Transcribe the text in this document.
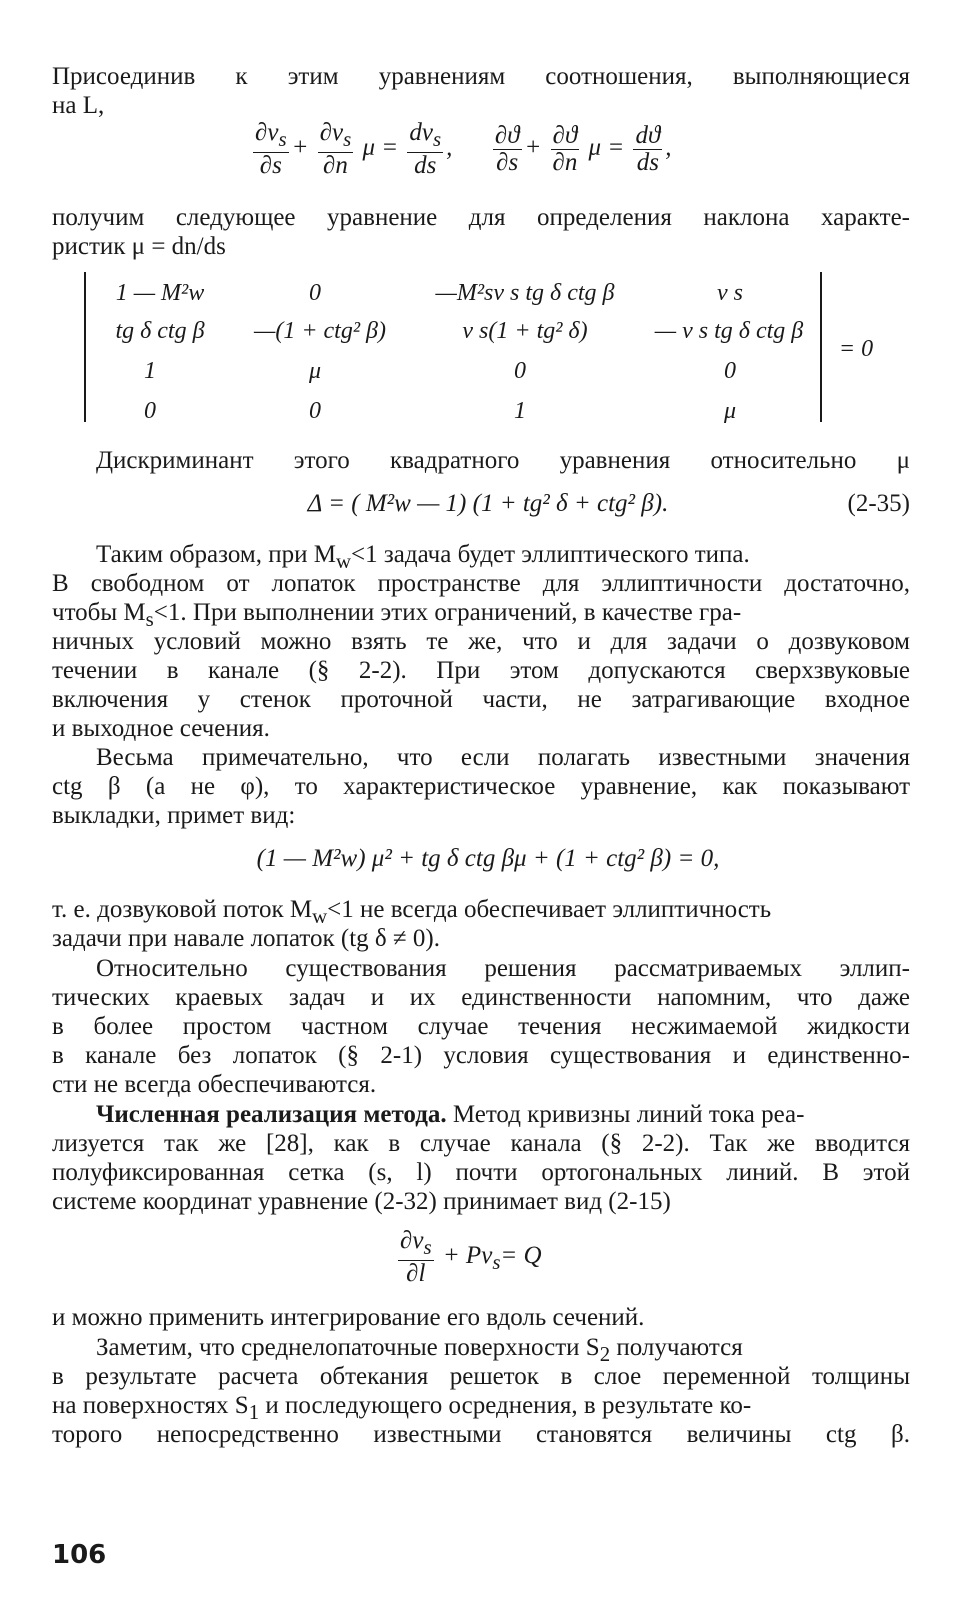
Присоединив к этим уравнениям соотношения, выполняющиеся
на L,
$\frac{\partial v_s}{\partial s} + \frac{\partial v_s}{\partial n}$ $\mu = \frac{dv_s}{ds}$ , $\frac{\partial ϑ}{\partial s} + \frac{\partial ϑ}{\partial n}$ $\mu = \frac{dϑ}{ds}$ ,
получим следующее уравнение для определения наклона характе-
ристик μ = dn/ds
1 — M²w	0	—M²sv s tg δ ctg β	v s
tg δ ctg β	—(1 + ctg² β)	v s(1 + tg² δ)	— v s tg δ ctg β
1	μ	0	0
0	0	1	μ
= 0
Дискриминант этого квадратного уравнения относительно μ
Δ = ( M²w — 1) (1 + tg² δ + ctg² β).	(2-35)
Таким образом, при $M_w<1$ задача будет эллиптического типа.
В свободном от лопаток пространстве для эллиптичности достаточно,
чтобы $M_s<1$. При выполнении этих ограничений, в качестве гра-
ничных условий можно взять те же, что и для задачи о дозвуковом
течении в канале (§ 2-2). При этом допускаются сверхзвуковые
включения у стенок проточной части, не затрагивающие входное
и выходное сечения.
Весьма примечательно, что если полагать известными значения
ctg β (а не φ), то характеристическое уравнение, как показывают
выкладки, примет вид:
(1 — M²w) μ² + tg δ ctg βμ + (1 + ctg² β) = 0,
т. е. дозвуковой поток $M_w<1$ не всегда обеспечивает эллиптичность
задачи при навале лопаток (tg δ ≠ 0).
Относительно существования решения рассматриваемых эллип-
тических краевых задач и их единственности напомним, что даже
в более простом частном случае течения несжимаемой жидкости
в канале без лопаток (§ 2-1) условия существования и единственно-
сти не всегда обеспечиваются.
Численная реализация метода. Метод кривизны линий тока реа-
лизуется так же [28], как в случае канала (§ 2-2). Так же вводится
полуфиксированная сетка (s, l) почти ортогональных линий. В этой
системе координат уравнение (2-32) принимает вид (2-15)
$\frac{\partial v_s}{\partial l} + Pv_s= Q$
и можно применить интегрирование его вдоль сечений.
Заметим, что среднелопаточные поверхности $S_2$ получаются
в результате расчета обтекания решеток в слое переменной толщины
на поверхностях $S_1$ и последующего осреднения, в результате ко-
торого непосредственно известными становятся величины ctg β.
106
